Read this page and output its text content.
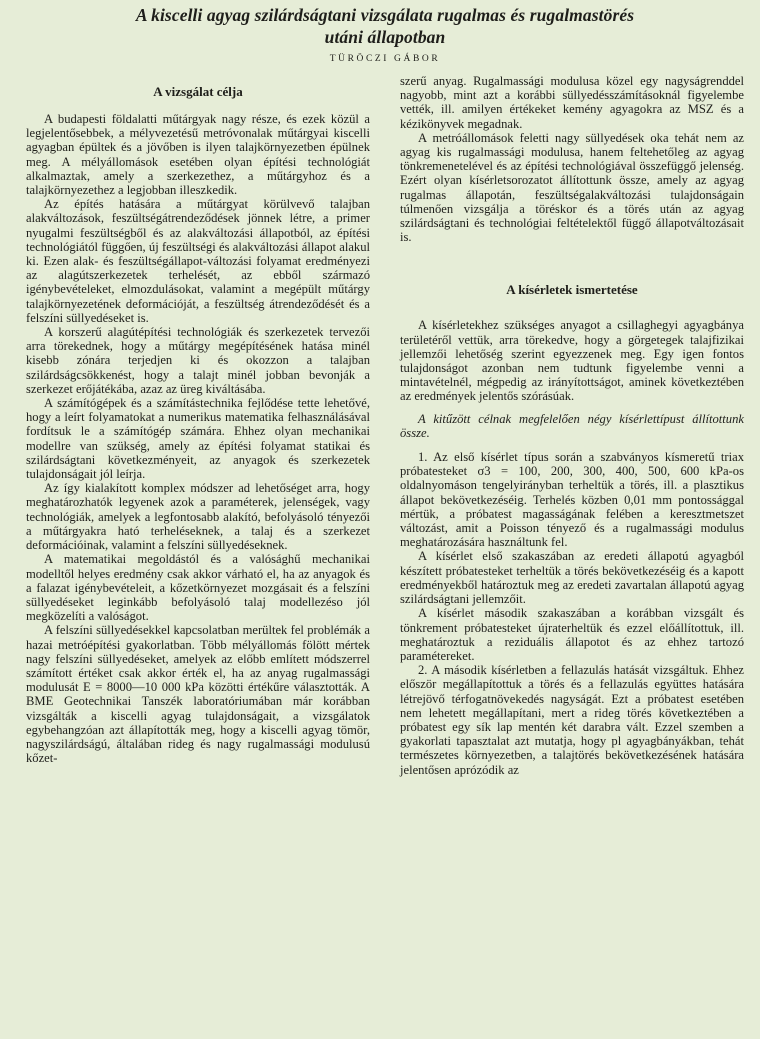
A kiscelli agyag szilárdságtani vizsgálata rugalmas és rugalmastörés
utáni állapotban
TÜRÖCZI GÁBOR
A vizsgálat célja

A budapesti földalatti műtárgyak nagy része, és ezek közül a legjelentősebbek, a mélyvezetésű metróvonalak műtárgyai kiscelli agyagban épültek és a jövőben is ilyen talajkörnyezetben épülnek meg. A mélyállomások esetében olyan építési technológiát alkalmaztak, amely a szerkezethez, a műtárgyhoz és a talajkörnyezethez a legjobban illeszkedik.

Az építés hatására a műtárgyat körülvevő talajban alakváltozások, feszültségátrendeződések jönnek létre, a primer nyugalmi feszültségből és az alakváltozási állapotból, az építési technológiától függően, új feszültségi és alakváltozási állapot alakul ki. Ezen alak- és feszültségállapot-változási folyamat eredményezi az alagútszerkezetek terhelését, az ebből származó igénybevételeket, elmozdulásokat, valamint a megépült műtárgy talajkörnyezetének deformációját, a feszültség átrendeződését és a felszíni süllyedéseket is.

A korszerű alagútépítési technológiák és szerkezetek tervezői arra törekednek, hogy a műtárgy megépítésének hatása minél kisebb zónára terjedjen ki és okozzon a talajban szilárdságcsökkenést, hogy a talajt minél jobban bevonják a szerkezet erőjátékába, azaz az üreg kiváltásába.

A számítógépek és a számítástechnika fejlődése tette lehetővé, hogy a leírt folyamatokat a numerikus matematika felhasználásával fordítsuk le a számítógép számára. Ehhez olyan mechanikai modellre van szükség, amely az építési folyamat statikai és szilárdságtani következményeit, az anyagok és szerkezetek tulajdonságait jól leírja.

Az így kialakított komplex módszer ad lehetőséget arra, hogy meghatározhatók legyenek azok a paraméterek, jelenségek, vagy technológiák, amelyek a legfontosabb alakító, befolyásoló tényezői a műtárgyakra ható terheléseknek, a talaj és a szerkezet deformációinak, valamint a felszíni süllyedéseknek.

A matematikai megoldástól és a valósághű mechanikai modelltől helyes eredmény csak akkor várható el, ha az anyagok és a falazat igénybevételeit, a kőzetkörnyezet mozgásait és a felszíni süllyedéseket leginkább befolyásoló talaj modellezéso jól megközelíti a valóságot.

A felszíni süllyedésekkel kapcsolatban merültek fel problémák a hazai metróépítési gyakorlatban. Több mélyállomás fölött mértek nagy felszíni süllyedéseket, amelyek az előbb említett módszerrel számított értéket csak akkor érték el, ha az anyag rugalmassági modulusát E = 8000—10 000 kPa közötti értékűre választották. A BME Geotechnikai Tanszék laboratóriumában már korábban vizsgálták a kiscelli agyag tulajdonságait, a vizsgálatok egybehangzóan azt állapították meg, hogy a kiscelli agyag tömör, nagyszilárdságú, általában rideg és nagy rugalmassági modulusú kőzet-

szerű anyag. Rugalmassági modulusa közel egy nagyságrenddel nagyobb, mint azt a korábbi süllyedésszámításoknál figyelembe vették, ill. amilyen értékeket kemény agyagokra az MSZ és a kézikönyvek megadnak.

A metróállomások feletti nagy süllyedések oka tehát nem az agyag kis rugalmassági modulusa, hanem feltehetőleg az agyag tönkremenetelével és az építési technológiával összefüggő jelenség. Ezért olyan kísérletsorozatot állítottunk össze, amely az agyag rugalmas állapotán, feszültségalakváltozási tulajdonságain túlmenően vizsgálja a töréskor és a törés után az agyag szilárdságtani és technológiai feltételektől függő állapotváltozásait is.

A kísérletek ismertetése

A kísérletekhez szükséges anyagot a csillaghegyi agyagbánya területéről vettük, arra törekedve, hogy a görgetegek talajfizikai jellemzői lehetőség szerint egyezzenek meg. Egy igen fontos tulajdonságot azonban nem tudtunk figyelembe venni a mintavételnél, mégpedig az irányítottságot, aminek következtében az eredmények jelentős szórásúak.

A kitűzött célnak megfelelően négy kísérlettípust állítottunk össze.

1. Az első kísérlet típus során a szabványos kísmeretű triax próbatesteket σ3 = 100, 200, 300, 400, 500, 600 kPa-os oldalnyomáson tengelyirányban terheltük a törés, ill. a plasztikus állapot bekövetkezéséig. Terhelés közben 0,01 mm pontossággal mértük, a próbatest magasságának felében a keresztmetszet változást, amit a Poisson tényező és a rugalmassági modulus meghatározására használtunk fel.

A kísérlet első szakaszában az eredeti állapotú agyagból készített próbatesteket terheltük a törés bekövetkezéséig és a kapott eredményekből határoztuk meg az eredeti zavartalan állapotú agyag szilárdságtani jellemzőit.

A kísérlet második szakaszában a korábban vizsgált és tönkrement próbatesteket újraterheltük és ezzel előállítottuk, ill. meghatároztuk a reziduális állapotot és az ehhez tartozó paramétereket.

2. A második kísérletben a fellazulás hatását vizsgáltuk. Ehhez először megállapítottuk a törés és a fellazulás együttes hatására létrejövő térfogatnövekedés nagyságát. Ezt a próbatest esetében nem lehetett megállapítani, mert a rideg törés következtében a próbatest egy sík lap mentén két darabra vált. Ezzel szemben a gyakorlati tapasztalat azt mutatja, hogy pl agyagbányákban, tehát természetes környezetben, a talajtörés bekövetkezésének hatására jelentősen aprózódik az
